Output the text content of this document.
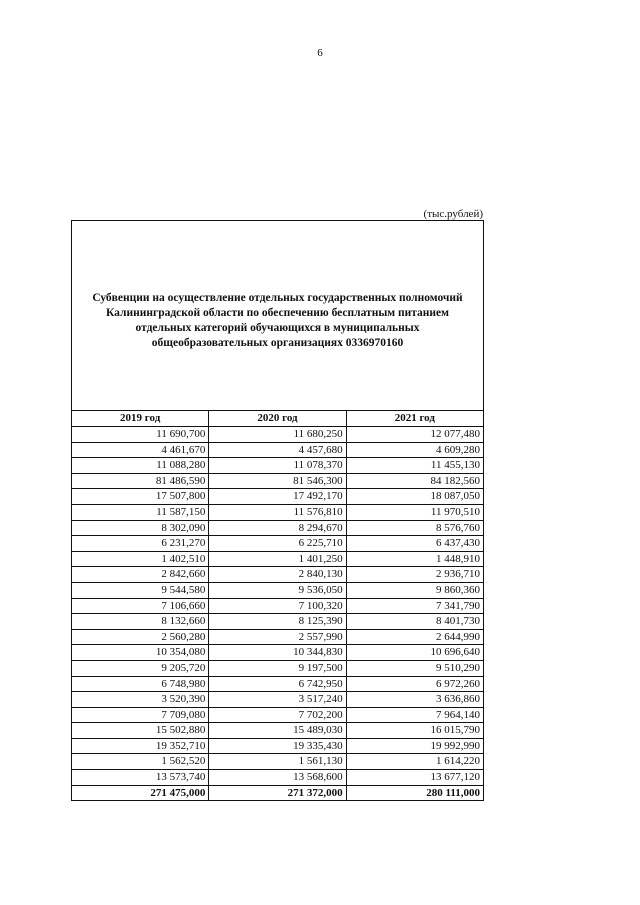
6
(тыс.рублей)

Субвенции на осуществление отдельных государственных полномочий Калининградской области по обеспечению бесплатным питанием отдельных категорий обучающихся в муниципальных общеобразовательных организациях 0336970160

2019 год	2020 год	2021 год
11 690,700	11 680,250	12 077,480
4 461,670	4 457,680	4 609,280
11 088,280	11 078,370	11 455,130
81 486,590	81 546,300	84 182,560
17 507,800	17 492,170	18 087,050
11 587,150	11 576,810	11 970,510
8 302,090	8 294,670	8 576,760
6 231,270	6 225,710	6 437,430
1 402,510	1 401,250	1 448,910
2 842,660	2 840,130	2 936,710
9 544,580	9 536,050	9 860,360
7 106,660	7 100,320	7 341,790
8 132,660	8 125,390	8 401,730
2 560,280	2 557,990	2 644,990
10 354,080	10 344,830	10 696,640
9 205,720	9 197,500	9 510,290
6 748,980	6 742,950	6 972,260
3 520,390	3 517,240	3 636,860
7 709,080	7 702,200	7 964,140
15 502,880	15 489,030	16 015,790
19 352,710	19 335,430	19 992,990
1 562,520	1 561,130	1 614,220
13 573,740	13 568,600	13 677,120
271 475,000	271 372,000	280 111,000
